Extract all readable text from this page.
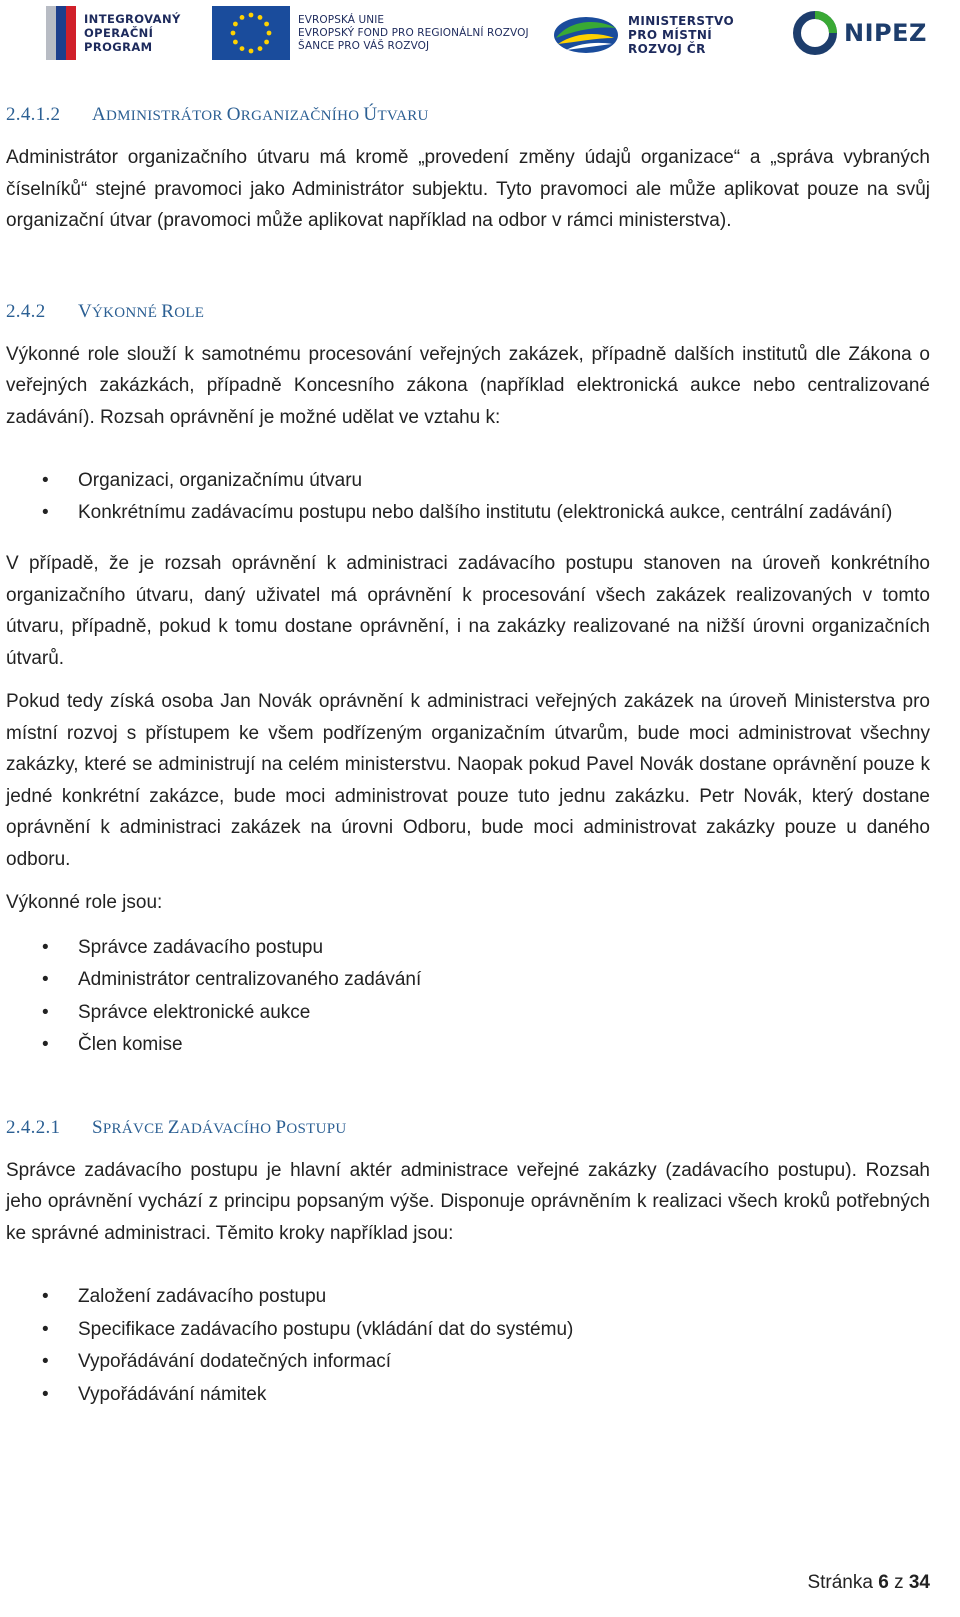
INTEGROVANÝ
OPERAČNÍ
PROGRAM
EVROPSKÁ UNIE
EVROPSKÝ FOND PRO REGIONÁLNÍ ROZVOJ
ŠANCE PRO VÁŠ ROZVOJ
MINISTERSTVO
PRO MÍSTNÍ
ROZVOJ ČR
NIPEZ
2.4.1.2 ADMINISTRÁTOR ORGANIZAČNÍHO ÚTVARU

Administrátor organizačního útvaru má kromě „provedení změny údajů organizace“ a „správa vybraných číselníků“ stejné pravomoci jako Administrátor subjektu. Tyto pravomoci ale může aplikovat pouze na svůj organizační útvar (pravomoci může aplikovat například na odbor v rámci ministerstva).

2.4.2 VÝKONNÉ ROLE

Výkonné role slouží k samotnému procesování veřejných zakázek, případně dalších institutů dle Zákona o veřejných zakázkách, případně Koncesního zákona (například elektronická aukce nebo centralizované zadávání). Rozsah oprávnění je možné udělat ve vztahu k:

• Organizaci, organizačnímu útvaru
• Konkrétnímu zadávacímu postupu nebo dalšího institutu (elektronická aukce, centrální zadávání)

V případě, že je rozsah oprávnění k administraci zadávacího postupu stanoven na úroveň konkrétního organizačního útvaru, daný uživatel má oprávnění k procesování všech zakázek realizovaných v tomto útvaru, případně, pokud k tomu dostane oprávnění, i na zakázky realizované na nižší úrovni organizačních útvarů.

Pokud tedy získá osoba Jan Novák oprávnění k administraci veřejných zakázek na úroveň Ministerstva pro místní rozvoj s přístupem ke všem podřízeným organizačním útvarům, bude moci administrovat všechny zakázky, které se administrují na celém ministerstvu. Naopak pokud Pavel Novák dostane oprávnění pouze k jedné konkrétní zakázce, bude moci administrovat pouze tuto jednu zakázku. Petr Novák, který dostane oprávnění k administraci zakázek na úrovni Odboru, bude moci administrovat zakázky pouze u daného odboru.

Výkonné role jsou:

• Správce zadávacího postupu
• Administrátor centralizovaného zadávání
• Správce elektronické aukce
• Člen komise
2.4.2.1 SPRÁVCE ZADÁVACÍHO POSTUPU

Správce zadávacího postupu je hlavní aktér administrace veřejné zakázky (zadávacího postupu). Rozsah jeho oprávnění vychází z principu popsaným výše. Disponuje oprávněním k realizaci všech kroků potřebných ke správné administraci. Těmito kroky například jsou:

• Založení zadávacího postupu
• Specifikace zadávacího postupu (vkládání dat do systému)
• Vypořádávání dodatečných informací
• Vypořádávání námitek
Stránka 6 z 34
